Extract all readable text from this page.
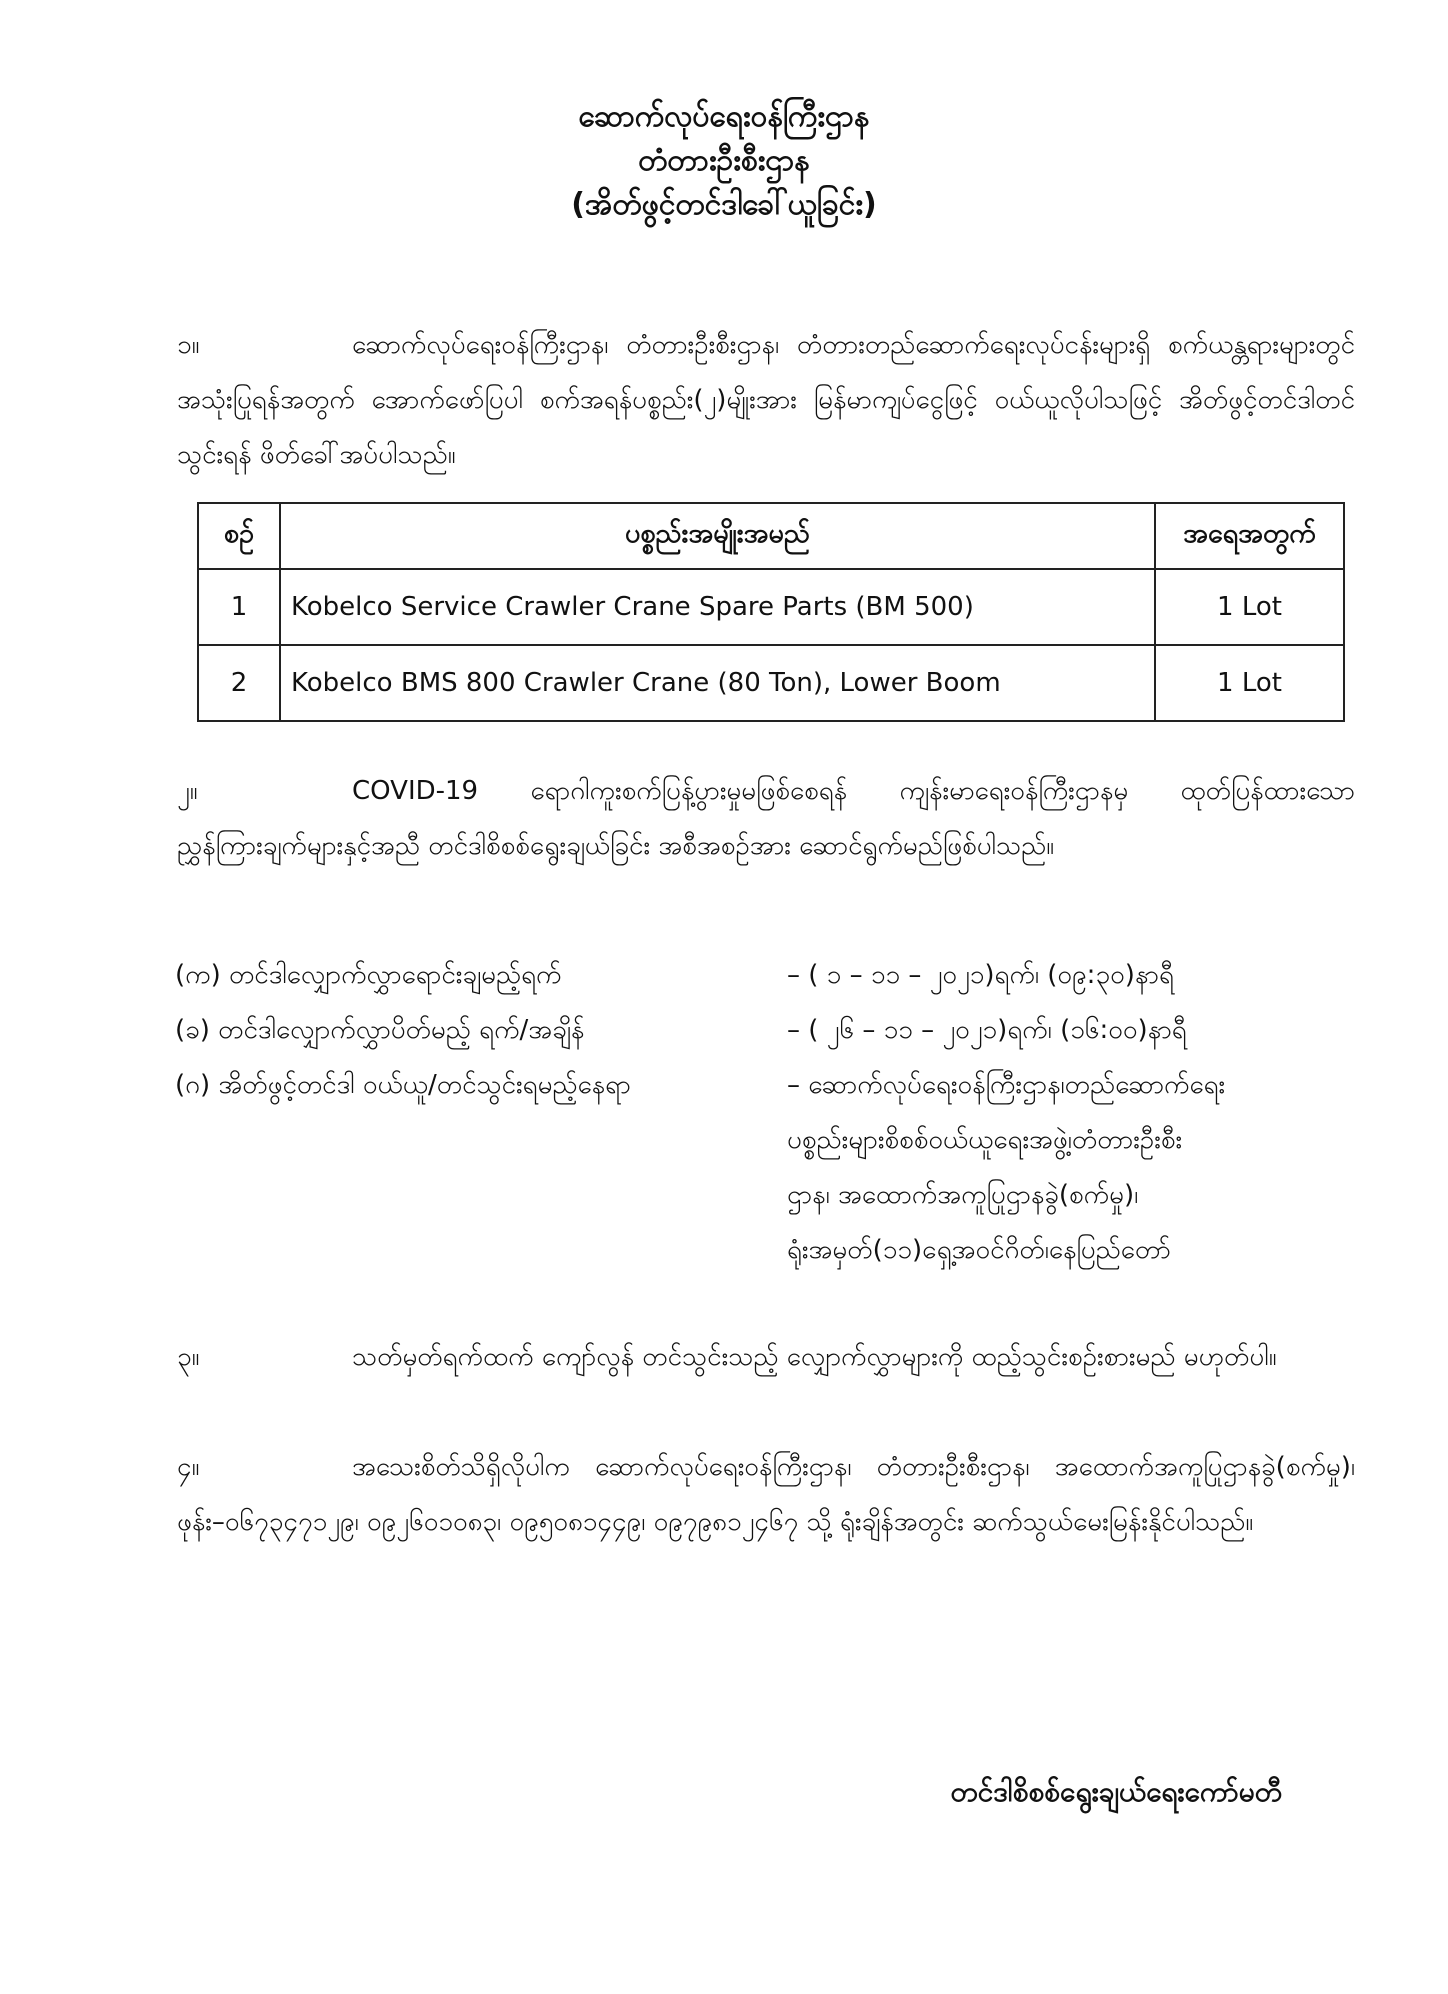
ဆောက်လုပ်ရေးဝန်ကြီးဌာန
တံတားဦးစီးဌာန
(အိတ်ဖွင့်တင်ဒါခေါ်ယူခြင်း)
၁။	ဆောက်လုပ်ရေးဝန်ကြီးဌာန၊ တံတားဦးစီးဌာန၊ တံတားတည်ဆောက်ရေးလုပ်ငန်းများရှိ စက်ယန္တရားများတွင် အသုံးပြုရန်အတွက် အောက်ဖော်ပြပါ စက်အရန်ပစ္စည်း(၂)မျိုးအား မြန်မာကျပ်ငွေဖြင့် ဝယ်ယူလိုပါသဖြင့် အိတ်ဖွင့်တင်ဒါတင်သွင်းရန် ဖိတ်ခေါ်အပ်ပါသည်။
စဉ်	ပစ္စည်းအမျိုးအမည်	အရေအတွက်
1	Kobelco Service Crawler Crane Spare Parts (BM 500)	1 Lot
2	Kobelco BMS 800 Crawler Crane (80 Ton), Lower Boom	1 Lot
၂။	COVID-19 ရောဂါကူးစက်ပြန့်ပွားမှုမဖြစ်စေရန် ကျန်းမာရေးဝန်ကြီးဌာနမှ ထုတ်ပြန်ထားသော ညွှန်ကြားချက်များနှင့်အညီ တင်ဒါစိစစ်ရွေးချယ်ခြင်း အစီအစဉ်အား ဆောင်ရွက်မည်ဖြစ်ပါသည်။
(က) တင်ဒါလျှောက်လွှာရောင်းချမည့်ရက်	– ( ၁ – ၁၁ – ၂၀၂၁)ရက်၊ (၀၉:၃၀)နာရီ
(ခ) တင်ဒါလျှောက်လွှာပိတ်မည့် ရက်/အချိန်	– ( ၂၆ – ၁၁ – ၂၀၂၁)ရက်၊ (၁၆:၀၀)နာရီ
(ဂ) အိတ်ဖွင့်တင်ဒါ ဝယ်ယူ/တင်သွင်းရမည့်နေရာ	– ဆောက်လုပ်ရေးဝန်ကြီးဌာန၊တည်ဆောက်ရေး
ပစ္စည်းများစိစစ်ဝယ်ယူရေးအဖွဲ့၊တံတားဦးစီး
ဌာန၊ အထောက်အကူပြုဌာနခွဲ(စက်မှု)၊
ရုံးအမှတ်(၁၁)ရှေ့အဝင်ဂိတ်၊နေပြည်တော်
၃။	သတ်မှတ်ရက်ထက် ကျော်လွန် တင်သွင်းသည့် လျှောက်လွှာများကို ထည့်သွင်းစဉ်းစားမည် မဟုတ်ပါ။
၄။	အသေးစိတ်သိရှိလိုပါက ဆောက်လုပ်ရေးဝန်ကြီးဌာန၊ တံတားဦးစီးဌာန၊ အထောက်အကူပြုဌာနခွဲ(စက်မှု)၊ ဖုန်း–၀၆၇၃၄၇၁၂၉၊ ၀၉၂၆၀၁၀၈၃၊ ၀၉၅၀၈၁၄၄၉၊ ၀၉၇၉၈၁၂၄၆၇ သို့ ရုံးချိန်အတွင်း ဆက်သွယ်မေးမြန်းနိုင်ပါသည်။
တင်ဒါစိစစ်ရွေးချယ်ရေးကော်မတီ
